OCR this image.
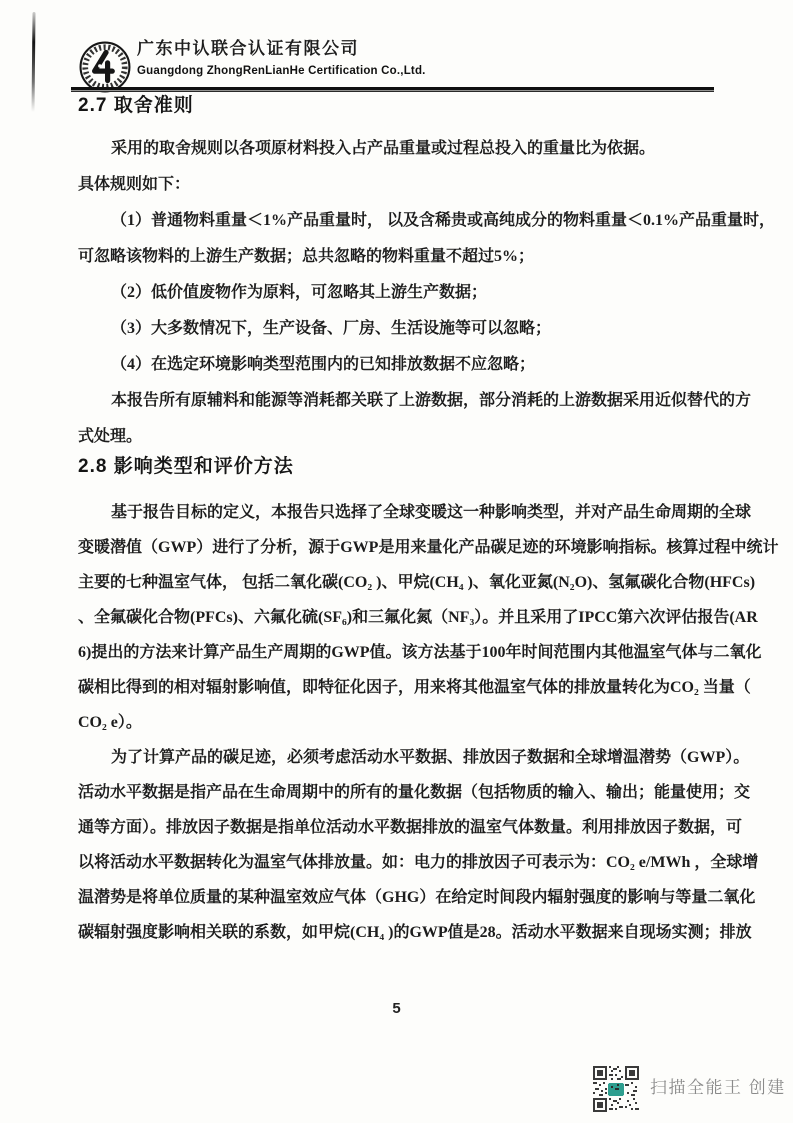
广东中认联合认证有限公司
Guangdong ZhongRenLianHe Certification Co.,Ltd.
2.7 取舍准则
采用的取舍规则以各项原材料投入占产品重量或过程总投入的重量比为依据。
具体规则如下：
（1）普通物料重量＜1%产品重量时， 以及含稀贵或高纯成分的物料重量＜0.1%产品重量时，
可忽略该物料的上游生产数据；总共忽略的物料重量不超过5%；
（2）低价值废物作为原料，可忽略其上游生产数据；
（3）大多数情况下，生产设备、厂房、生活设施等可以忽略；
（4）在选定环境影响类型范围内的已知排放数据不应忽略；
本报告所有原辅料和能源等消耗都关联了上游数据，部分消耗的上游数据采用近似替代的方
式处理。
2.8 影响类型和评价方法
基于报告目标的定义，本报告只选择了全球变暖这一种影响类型，并对产品生命周期的全球
变暖潜值（GWP）进行了分析，源于GWP是用来量化产品碳足迹的环境影响指标。核算过程中统计
主要的七种温室气体， 包括二氧化碳(CO₂ )、甲烷(CH₄ )、氧化亚氮(N₂O)、氢氟碳化合物(HFCs)
、全氟碳化合物(PFCs)、六氟化硫(SF₆)和三氟化氮（NF₃）。并且采用了IPCC第六次评估报告(AR
6)提出的方法来计算产品生产周期的GWP值。该方法基于100年时间范围内其他温室气体与二氧化
碳相比得到的相对辐射影响值，即特征化因子，用来将其他温室气体的排放量转化为CO₂ 当量（
CO₂ e）。
为了计算产品的碳足迹，必须考虑活动水平数据、排放因子数据和全球增温潜势（GWP）。
活动水平数据是指产品在生命周期中的所有的量化数据（包括物质的输入、输出；能量使用；交
通等方面）。排放因子数据是指单位活动水平数据排放的温室气体数量。利用排放因子数据，可
以将活动水平数据转化为温室气体排放量。如：电力的排放因子可表示为：CO₂ e/MWh ，全球增
温潜势是将单位质量的某种温室效应气体（GHG）在给定时间段内辐射强度的影响与等量二氧化
碳辐射强度影响相关联的系数，如甲烷(CH₄ )的GWP值是28。活动水平数据来自现场实测；排放
5
扫描全能王 创建
